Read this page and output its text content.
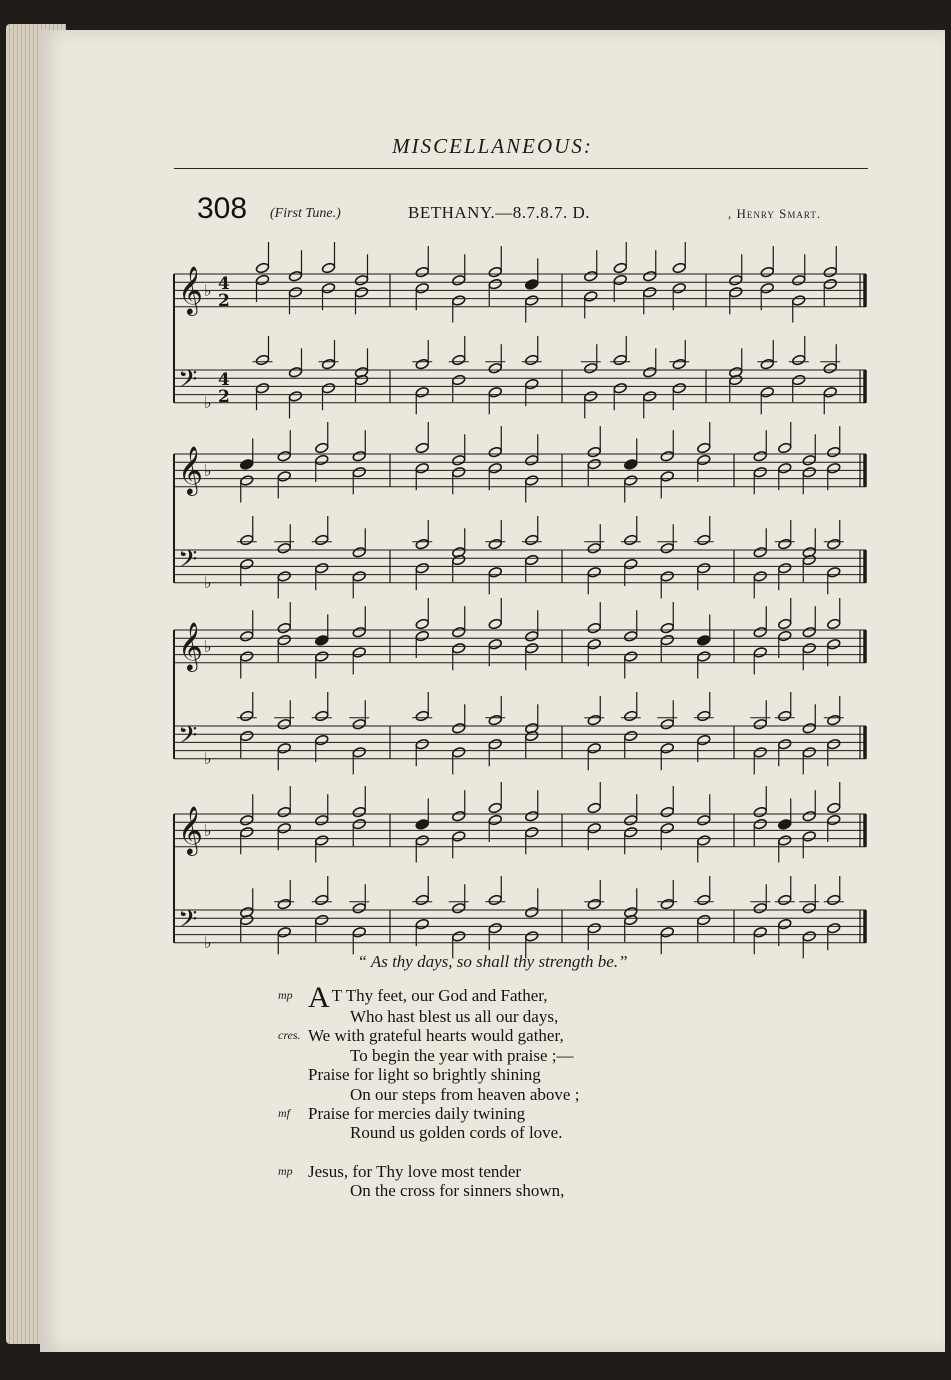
MISCELLANEOUS:
308 (First Tune.)	BETHANY.—8.7.8.7. D.	, Henry Smart.
𝄞
𝄢
♭
♭
4
2
4
2
𝄞
𝄢
♭
♭
𝄞
𝄢
♭
♭
𝄞
𝄢
♭
♭
“ As thy days, so shall thy strength be.”
mp A T Thy feet, our God and Father,
Who hast blest us all our days,
cres. We with grateful hearts would gather,
To begin the year with praise ;—
Praise for light so brightly shining
On our steps from heaven above ;
mf Praise for mercies daily twining
Round us golden cords of love.
mp Jesus, for Thy love most tender
On the cross for sinners shown,
